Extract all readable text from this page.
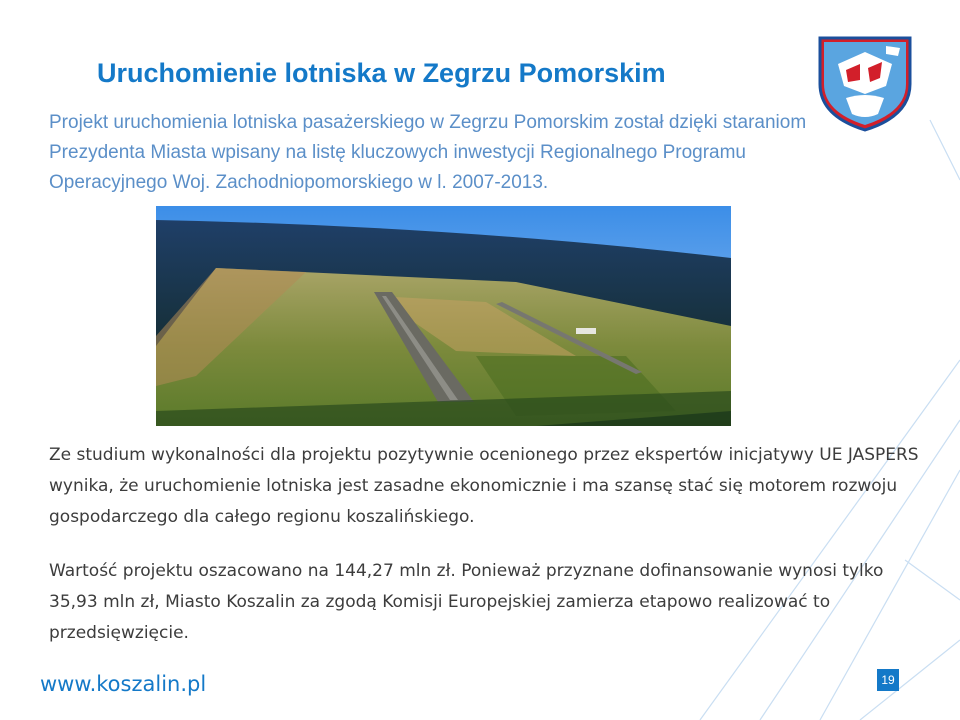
Uruchomienie lotniska w Zegrzu Pomorskim

Projekt uruchomienia lotniska pasażerskiego w Zegrzu Pomorskim został dzięki staraniom Prezydenta Miasta wpisany na listę kluczowych inwestycji Regionalnego Programu Operacyjnego Woj. Zachodniopomorskiego w l. 2007-2013.

Ze studium wykonalności dla projektu pozytywnie ocenionego przez ekspertów inicjatywy UE JASPERS wynika, że uruchomienie lotniska jest zasadne ekonomicznie i ma szansę stać się motorem rozwoju gospodarczego dla całego regionu koszalińskiego.

Wartość projektu oszacowano na 144,27 mln zł. Ponieważ przyznane dofinansowanie wynosi tylko 35,93 mln zł, Miasto Koszalin za zgodą Komisji Europejskiej zamierza etapowo realizować to przedsięwzięcie.

www.koszalin.pl	19
